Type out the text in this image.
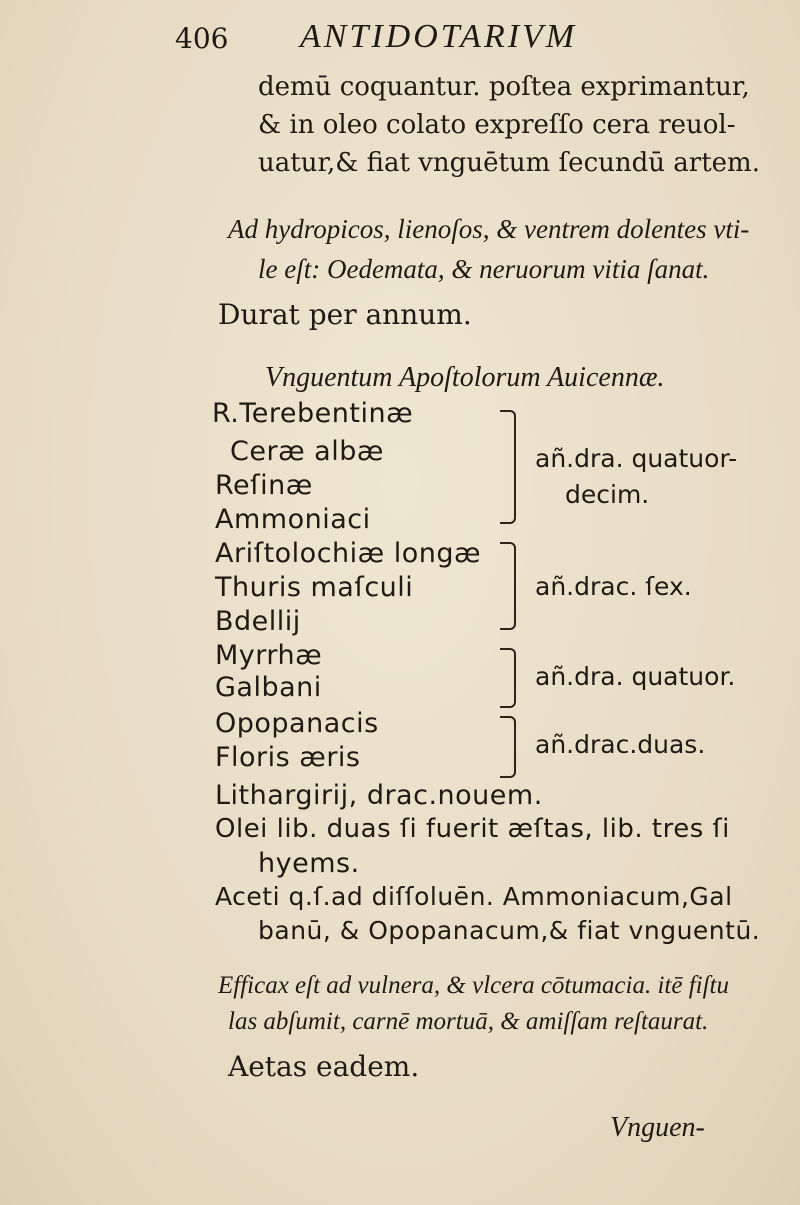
406 ANTIDOTARIVM
demū coquantur. poſtea exprimantur,
& in oleo colato expreſſo cera reuol-
uatur,& fiat vnguētum ſecundū artem.
Ad hydropicos, lienoſos, & ventrem dolentes vti-
le eſt: Oedemata, & neruorum vitia ſanat.
Durat per annum.
Vnguentum Apoſtolorum Auicennæ.
R.Terebentinæ
Ceræ albæ
Reſinæ
Ammoniaci
añ.dra. quatuor-
decim.
Ariſtolochiæ longæ
Thuris maſculi
Bdellij
añ.drac. ſex.
Myrrhæ
Galbani	añ.dra. quatuor.
Opopanacis
Floris æris	añ.drac.duas.
Lithargirij, drac.nouem.
Olei lib. duas ſi fuerit æſtas, lib. tres ſi
hyems.
Aceti q.ſ.ad diſſoluēn. Ammoniacum,Gal
banū, & Opopanacum,& fiat vnguentū.
Efficax eſt ad vulnera, & vlcera cōtumacia. itē fiſtu
las abſumit, carnē mortuā, & amiſſam reſtaurat.
Aetas eadem.
Vnguen-
